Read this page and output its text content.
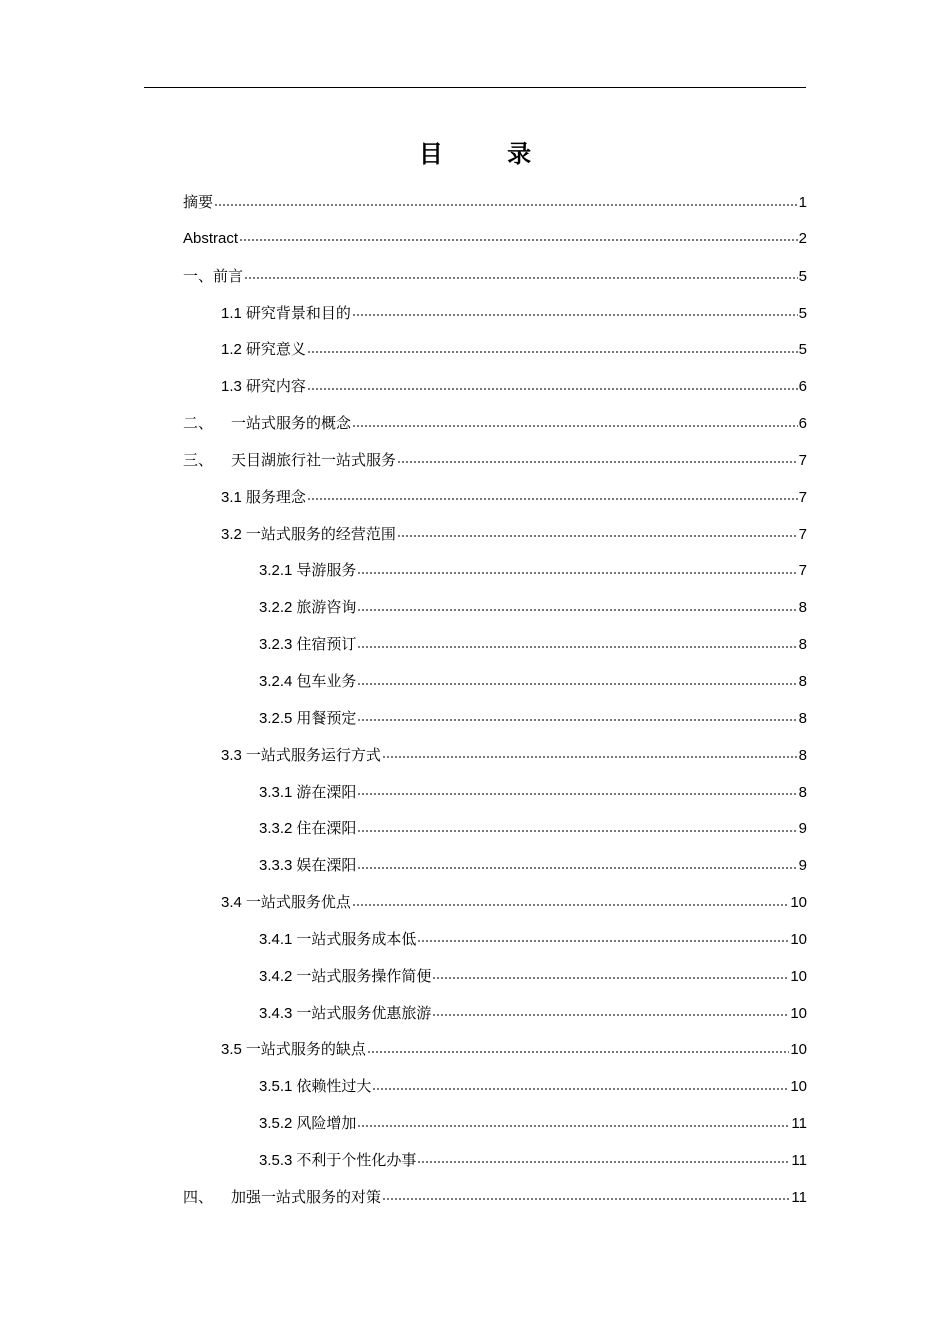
目 录
摘要	1
Abstract	2
一、前言	5
1.1 研究背景和目的	5
1.2 研究意义	5
1.3 研究内容	6
二、 一站式服务的概念	6
三、 天目湖旅行社一站式服务	7
3.1 服务理念	7
3.2 一站式服务的经营范围	7
3.2.1 导游服务	7
3.2.2 旅游咨询	8
3.2.3 住宿预订	8
3.2.4 包车业务	8
3.2.5 用餐预定	8
3.3 一站式服务运行方式	8
3.3.1 游在溧阳	8
3.3.2 住在溧阳	9
3.3.3 娱在溧阳	9
3.4 一站式服务优点	10
3.4.1 一站式服务成本低	10
3.4.2 一站式服务操作简便	10
3.4.3 一站式服务优惠旅游	10
3.5 一站式服务的缺点	10
3.5.1 依赖性过大	10
3.5.2 风险增加	11
3.5.3 不利于个性化办事	11
四、 加强一站式服务的对策	11
